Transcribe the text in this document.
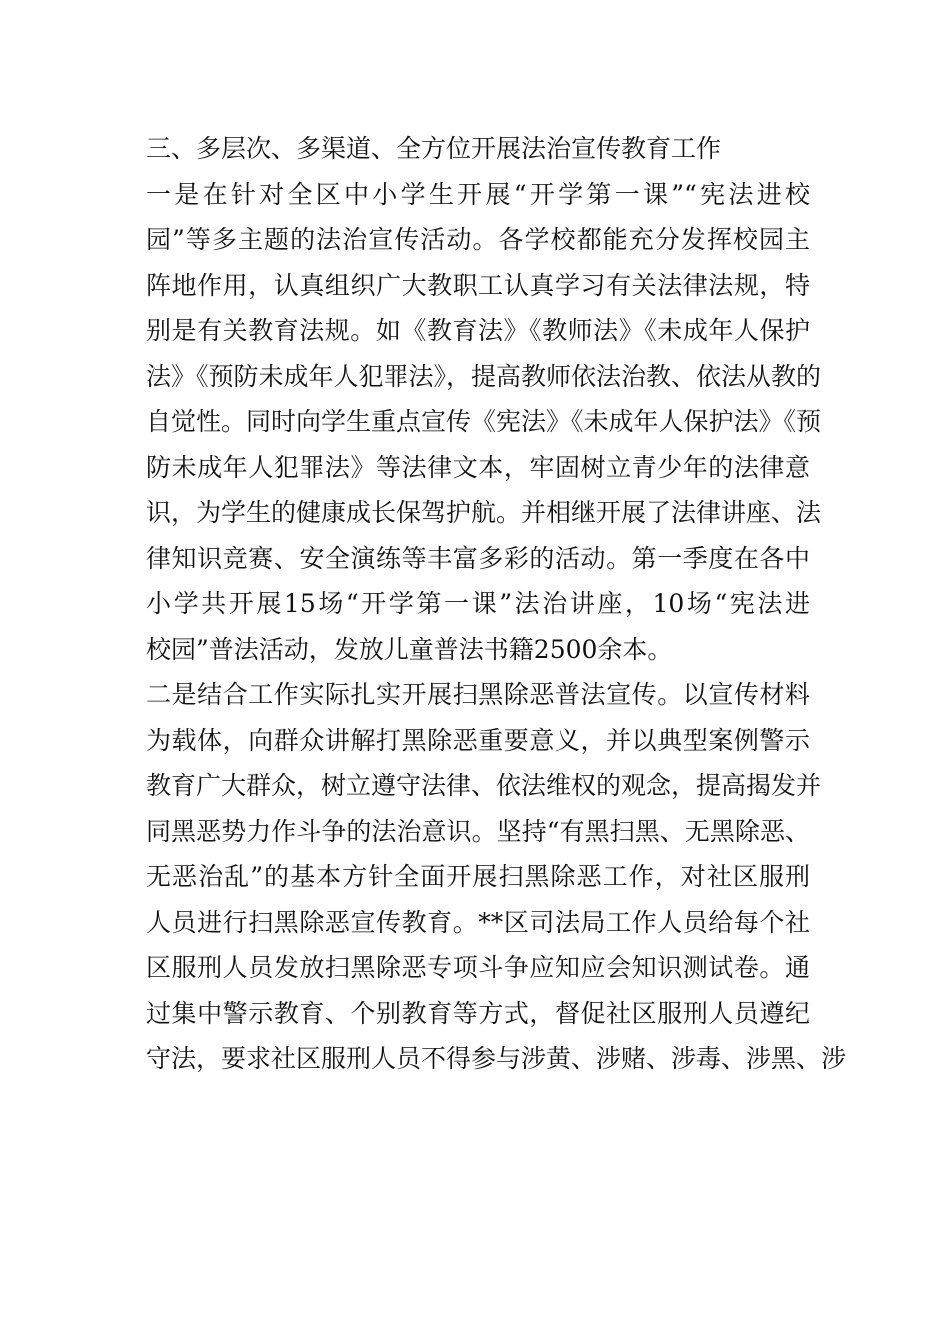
三、多层次、多渠道、全方位开展法治宣传教育工作
一是在针对全区中小学生开展“开学第一课”“宪法进校
园”等多主题的法治宣传活动。各学校都能充分发挥校园主
阵地作用，认真组织广大教职工认真学习有关法律法规，特
别是有关教育法规。如《教育法》《教师法》《未成年人保护
法》《预防未成年人犯罪法》，提高教师依法治教、依法从教的
自觉性。同时向学生重点宣传《宪法》《未成年人保护法》《预
防未成年人犯罪法》等法律文本，牢固树立青少年的法律意
识，为学生的健康成长保驾护航。并相继开展了法律讲座、法
律知识竞赛、安全演练等丰富多彩的活动。第一季度在各中
小学共开展15场“开学第一课”法治讲座，10场“宪法进
校园”普法活动，发放儿童普法书籍2500余本。
二是结合工作实际扎实开展扫黑除恶普法宣传。以宣传材料
为载体，向群众讲解打黑除恶重要意义，并以典型案例警示
教育广大群众，树立遵守法律、依法维权的观念，提高揭发并
同黑恶势力作斗争的法治意识。坚持“有黑扫黑、无黑除恶、
无恶治乱”的基本方针全面开展扫黑除恶工作，对社区服刑
人员进行扫黑除恶宣传教育。**区司法局工作人员给每个社
区服刑人员发放扫黑除恶专项斗争应知应会知识测试卷。通
过集中警示教育、个别教育等方式，督促社区服刑人员遵纪
守法，要求社区服刑人员不得参与涉黄、涉赌、涉毒、涉黑、涉
